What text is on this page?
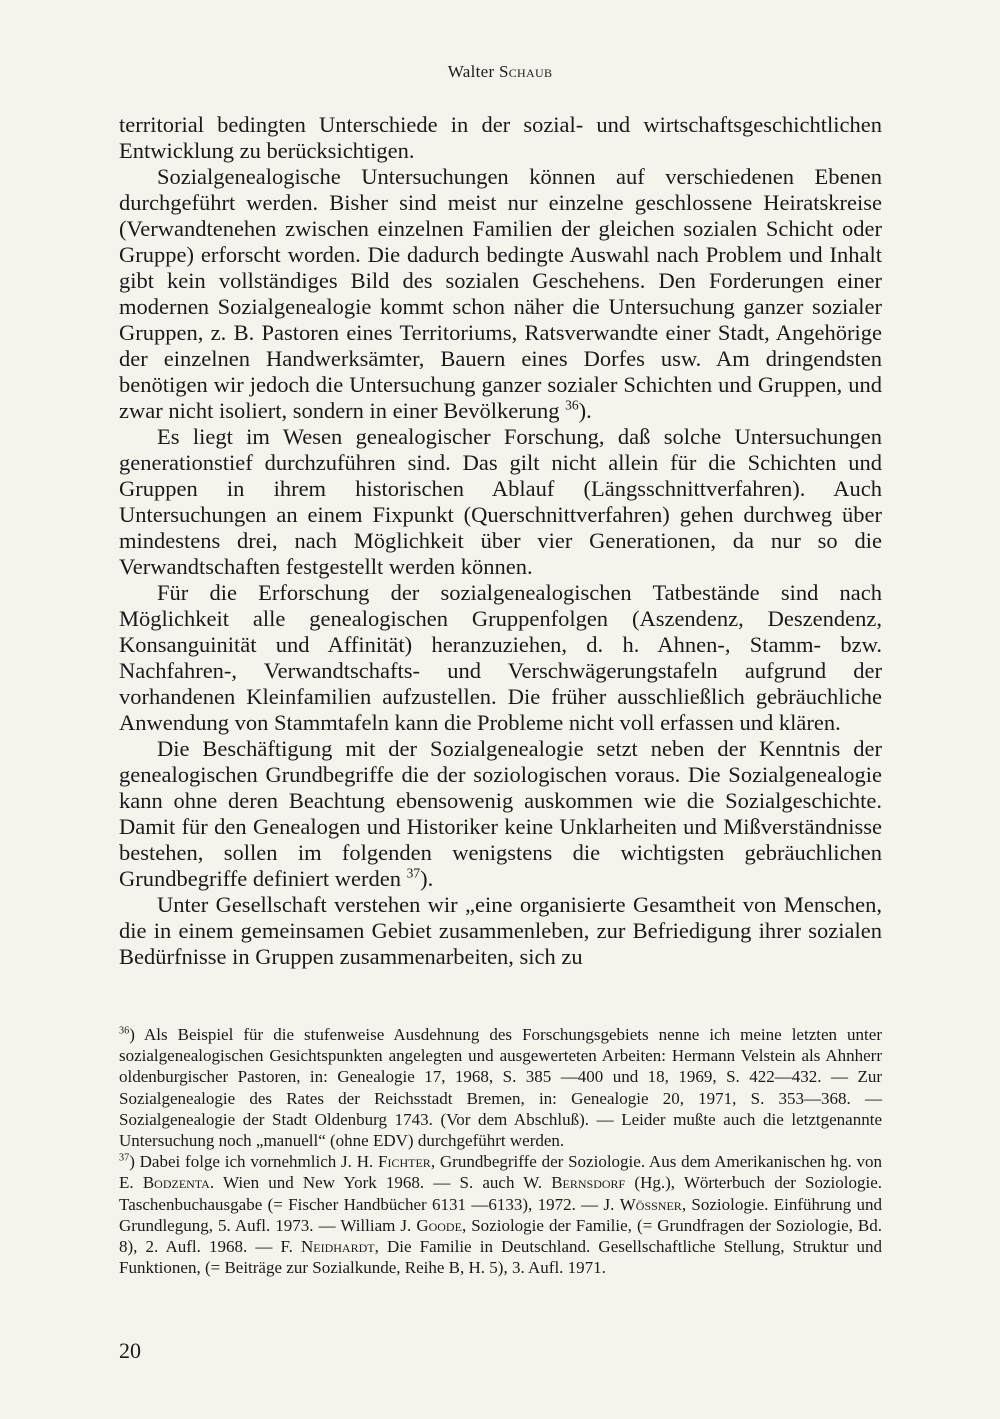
Walter Schaub

territorial bedingten Unterschiede in der sozial- und wirtschaftsgeschichtlichen Entwicklung zu berücksichtigen.

Sozialgenealogische Untersuchungen können auf verschiedenen Ebenen durchgeführt werden. Bisher sind meist nur einzelne geschlossene Heiratskreise (Verwandtenehen zwischen einzelnen Familien der gleichen sozialen Schicht oder Gruppe) erforscht worden. Die dadurch bedingte Auswahl nach Problem und Inhalt gibt kein vollständiges Bild des sozialen Geschehens. Den Forderungen einer modernen Sozialgenealogie kommt schon näher die Untersuchung ganzer sozialer Gruppen, z. B. Pastoren eines Territoriums, Ratsverwandte einer Stadt, Angehörige der einzelnen Handwerksämter, Bauern eines Dorfes usw. Am dringendsten benötigen wir jedoch die Untersuchung ganzer sozialer Schichten und Gruppen, und zwar nicht isoliert, sondern in einer Bevölkerung $^{36}$).

Es liegt im Wesen genealogischer Forschung, daß solche Untersuchungen generationstief durchzuführen sind. Das gilt nicht allein für die Schichten und Gruppen in ihrem historischen Ablauf (Längsschnittverfahren). Auch Untersuchungen an einem Fixpunkt (Querschnittverfahren) gehen durchweg über mindestens drei, nach Möglichkeit über vier Generationen, da nur so die Verwandtschaften festgestellt werden können.

Für die Erforschung der sozialgenealogischen Tatbestände sind nach Möglichkeit alle genealogischen Gruppenfolgen (Aszendenz, Deszendenz, Konsanguinität und Affinität) heranzuziehen, d. h. Ahnen-, Stamm- bzw. Nachfahren-, Verwandtschafts- und Verschwägerungstafeln aufgrund der vorhandenen Kleinfamilien aufzustellen. Die früher ausschließlich gebräuchliche Anwendung von Stammtafeln kann die Probleme nicht voll erfassen und klären.

Die Beschäftigung mit der Sozialgenealogie setzt neben der Kenntnis der genealogischen Grundbegriffe die der soziologischen voraus. Die Sozialgenealogie kann ohne deren Beachtung ebensowenig auskommen wie die Sozialgeschichte. Damit für den Genealogen und Historiker keine Unklarheiten und Mißverständnisse bestehen, sollen im folgenden wenigstens die wichtigsten gebräuchlichen Grundbegriffe definiert werden $^{37}$).

Unter Gesellschaft verstehen wir „eine organisierte Gesamtheit von Menschen, die in einem gemeinsamen Gebiet zusammenleben, zur Befriedigung ihrer sozialen Bedürfnisse in Gruppen zusammenarbeiten, sich zu

$^{36}$) Als Beispiel für die stufenweise Ausdehnung des Forschungsgebiets nenne ich meine letzten unter sozialgenealogischen Gesichtspunkten angelegten und ausgewerteten Arbeiten: Hermann Velstein als Ahnherr oldenburgischer Pastoren, in: Genealogie 17, 1968, S. 385 —400 und 18, 1969, S. 422—432. — Zur Sozialgenealogie des Rates der Reichsstadt Bremen, in: Genealogie 20, 1971, S. 353—368. — Sozialgenealogie der Stadt Oldenburg 1743. (Vor dem Abschluß). — Leider mußte auch die letztgenannte Untersuchung noch „manuell“ (ohne EDV) durchgeführt werden.

$^{37}$) Dabei folge ich vornehmlich J. H. Fichter, Grundbegriffe der Soziologie. Aus dem Amerikanischen hg. von E. Bodzenta. Wien und New York 1968. — S. auch W. Bernsdorf (Hg.), Wörterbuch der Soziologie. Taschenbuchausgabe (= Fischer Handbücher 6131 —6133), 1972. — J. Wössner, Soziologie. Einführung und Grundlegung, 5. Aufl. 1973. — William J. Goode, Soziologie der Familie, (= Grundfragen der Soziologie, Bd. 8), 2. Aufl. 1968. — F. Neidhardt, Die Familie in Deutschland. Gesellschaftliche Stellung, Struktur und Funktionen, (= Beiträge zur Sozialkunde, Reihe B, H. 5), 3. Aufl. 1971.

20
